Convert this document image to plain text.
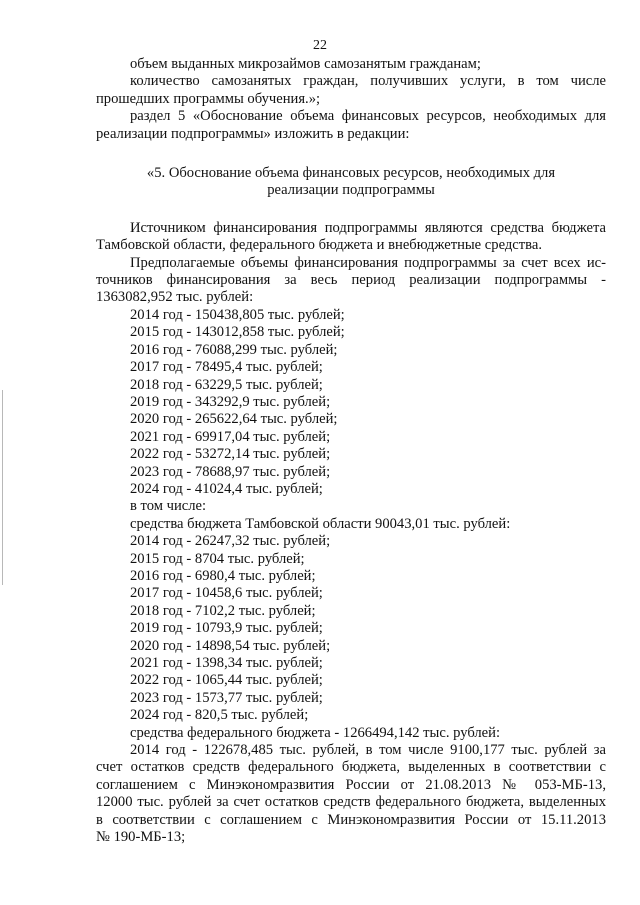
22

объем выданных микрозаймов самозанятым гражданам;

количество самозанятых граждан, получивших услуги, в том числе

прошедших программы обучения.»;

раздел 5 «Обоснование объема финансовых ресурсов, необходимых для

реализации подпрограммы» изложить в редакции:

«5. Обоснование объема финансовых ресурсов, необходимых для
реализации подпрограммы

Источником финансирования подпрограммы являются средства бюджета

Тамбовской области, федерального бюджета и внебюджетные средства.

Предполагаемые объемы финансирования подпрограммы за счет всех ис-

точников финансирования за весь период реализации подпрограммы -

1363082,952 тыс. рублей:

2014 год - 150438,805 тыс. рублей;

2015 год - 143012,858 тыс. рублей;

2016 год - 76088,299 тыс. рублей;

2017 год - 78495,4 тыс. рублей;

2018 год - 63229,5 тыс. рублей;

2019 год - 343292,9 тыс. рублей;

2020 год - 265622,64 тыс. рублей;

2021 год - 69917,04 тыс. рублей;

2022 год - 53272,14 тыс. рублей;

2023 год - 78688,97 тыс. рублей;

2024 год - 41024,4 тыс. рублей;

в том числе:

средства бюджета Тамбовской области 90043,01 тыс. рублей:

2014 год - 26247,32 тыс. рублей;

2015 год - 8704 тыс. рублей;

2016 год - 6980,4 тыс. рублей;

2017 год - 10458,6 тыс. рублей;

2018 год - 7102,2 тыс. рублей;

2019 год - 10793,9 тыс. рублей;

2020 год - 14898,54 тыс. рублей;

2021 год - 1398,34 тыс. рублей;

2022 год - 1065,44 тыс. рублей;

2023 год - 1573,77 тыс. рублей;

2024 год - 820,5 тыс. рублей;

средства федерального бюджета - 1266494,142 тыс. рублей:

2014 год - 122678,485 тыс. рублей, в том числе 9100,177 тыс. рублей за

счет остатков средств федерального бюджета, выделенных в соответствии с

соглашением с Минэкономразвития России от 21.08.2013 № 053-МБ-13,

12000 тыс. рублей за счет остатков средств федерального бюджета, выделенных

в соответствии с соглашением с Минэкономразвития России от 15.11.2013

№ 190-МБ-13;
